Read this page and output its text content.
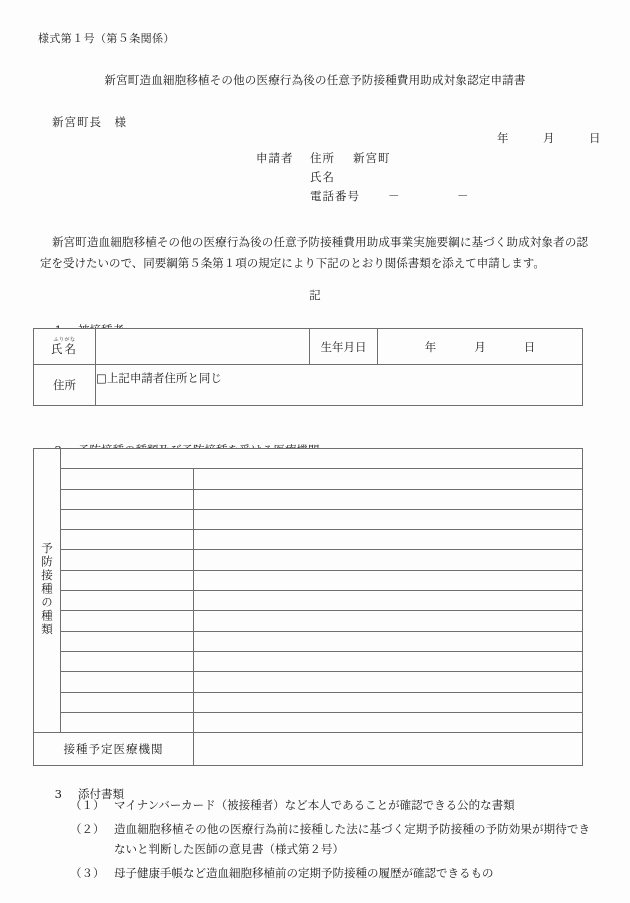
様式第１号（第５条関係）
新宮町造血細胞移植その他の医療行為後の任意予防接種費用助成対象認定申請書
新宮町長　様
年　　　月　　　日
申請者 住所 新宮町
氏名
電話番号 －　　　　　－
新宮町造血細胞移植その他の医療行為後の任意予防接種費用助成事業実施要綱に基づく助成対象者の認定を受けたいので、同要綱第５条第１項の規定により下記のとおり関係書類を添えて申請します。
記

ふりがな
氏名		生年月日	年 月 日
住所	□上記申請者住所と同じ		

予防接種の種類		

接種予定医療機関		

3 添付書類

（１） マイナンバーカード（被接種者）など本人であることが確認できる公的な書類
（２） 造血細胞移植その他の医療行為前に接種した法に基づく定期予防接種の予防効果が期待できないと判断した医師の意見書（様式第２号）
（３） 母子健康手帳など造血細胞移植前の定期予防接種の履歴が確認できるもの
